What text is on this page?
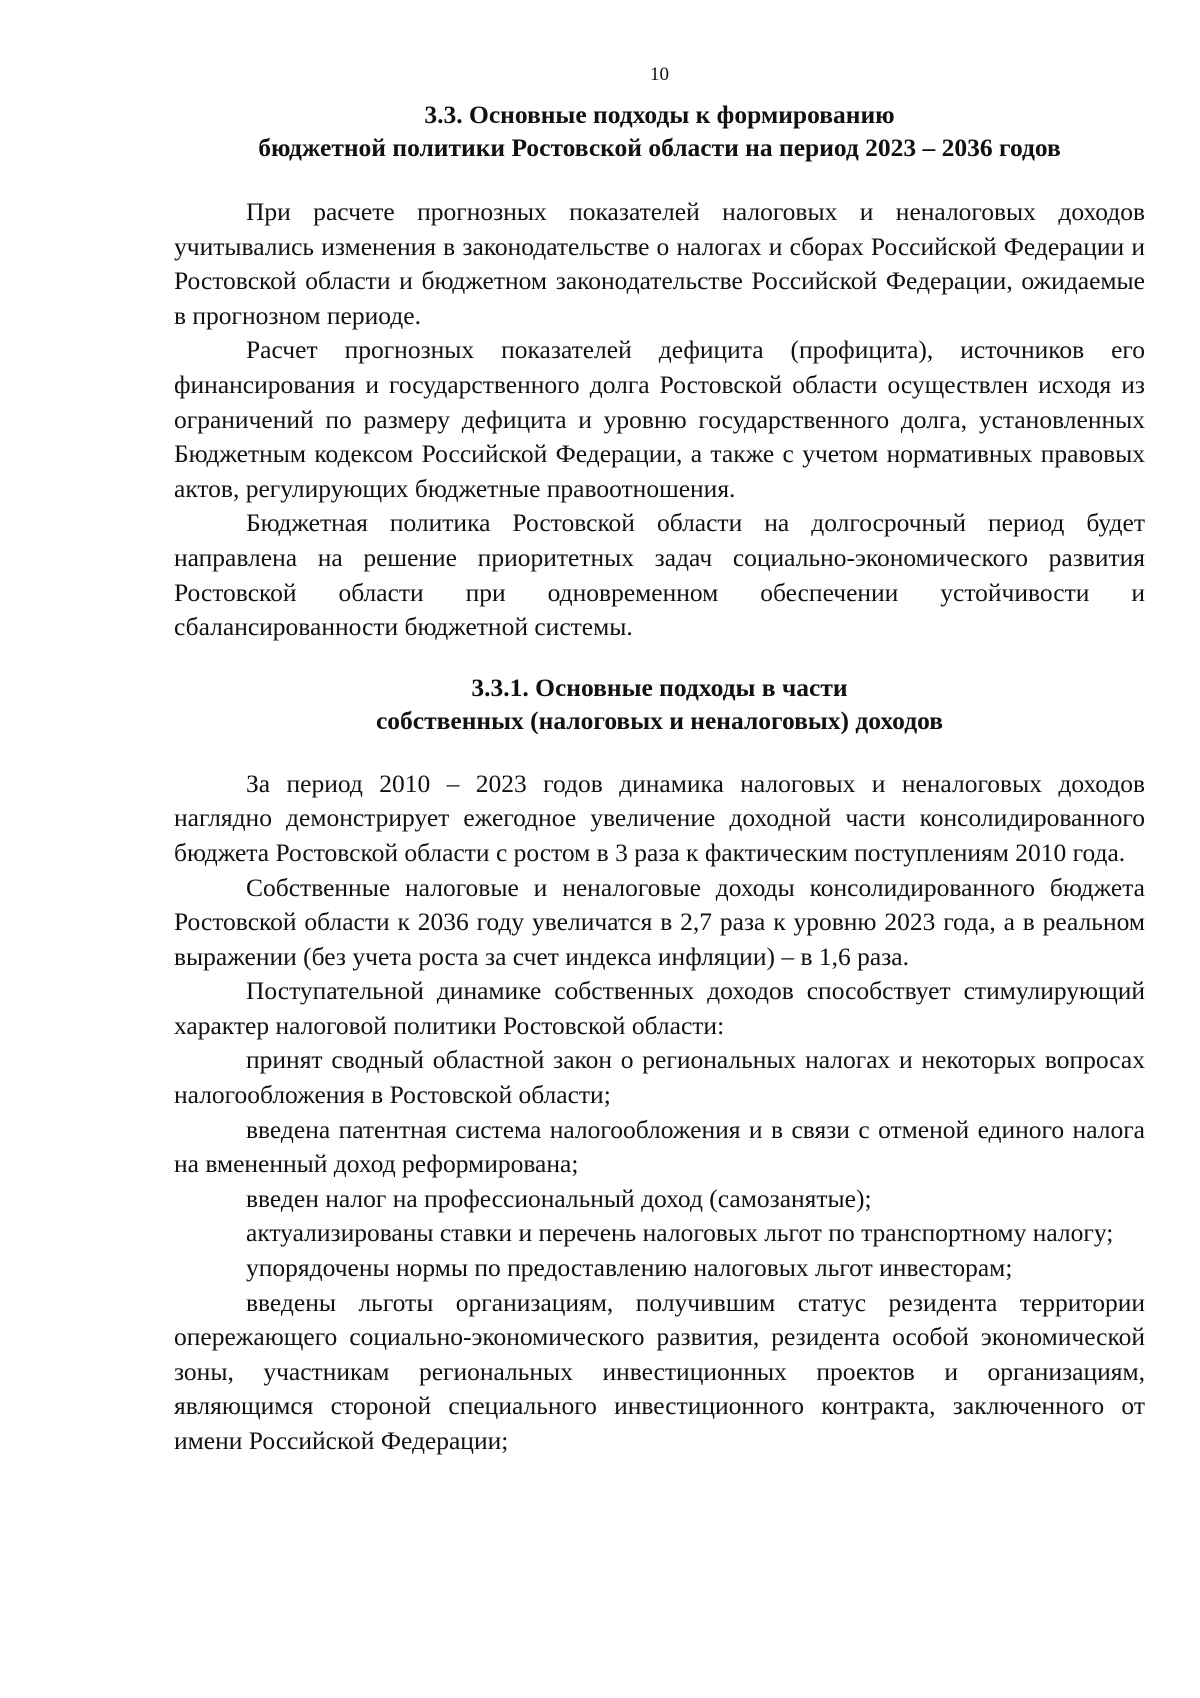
10
3.3. Основные подходы к формированию
бюджетной политики Ростовской области на период 2023 – 2036 годов

При расчете прогнозных показателей налоговых и неналоговых доходов учитывались изменения в законодательстве о налогах и сборах Российской Федерации и Ростовской области и бюджетном законодательстве Российской Федерации, ожидаемые в прогнозном периоде.

Расчет прогнозных показателей дефицита (профицита), источников его финансирования и государственного долга Ростовской области осуществлен исходя из ограничений по размеру дефицита и уровню государственного долга, установленных Бюджетным кодексом Российской Федерации, а также с учетом нормативных правовых актов, регулирующих бюджетные правоотношения.

Бюджетная политика Ростовской области на долгосрочный период будет направлена на решение приоритетных задач социально-экономического развития Ростовской области при одновременном обеспечении устойчивости и сбалансированности бюджетной системы.

3.3.1. Основные подходы в части
собственных (налоговых и неналоговых) доходов

За период 2010 – 2023 годов динамика налоговых и неналоговых доходов наглядно демонстрирует ежегодное увеличение доходной части консолидированного бюджета Ростовской области с ростом в 3 раза к фактическим поступлениям 2010 года.

Собственные налоговые и неналоговые доходы консолидированного бюджета Ростовской области к 2036 году увеличатся в 2,7 раза к уровню 2023 года, а в реальном выражении (без учета роста за счет индекса инфляции) – в 1,6 раза.

Поступательной динамике собственных доходов способствует стимулирующий характер налоговой политики Ростовской области:

принят сводный областной закон о региональных налогах и некоторых вопросах налогообложения в Ростовской области;

введена патентная система налогообложения и в связи с отменой единого налога на вмененный доход реформирована;

введен налог на профессиональный доход (самозанятые);

актуализированы ставки и перечень налоговых льгот по транспортному налогу;

упорядочены нормы по предоставлению налоговых льгот инвесторам;

введены льготы организациям, получившим статус резидента территории опережающего социально-экономического развития, резидента особой экономической зоны, участникам региональных инвестиционных проектов и организациям, являющимся стороной специального инвестиционного контракта, заключенного от имени Российской Федерации;
